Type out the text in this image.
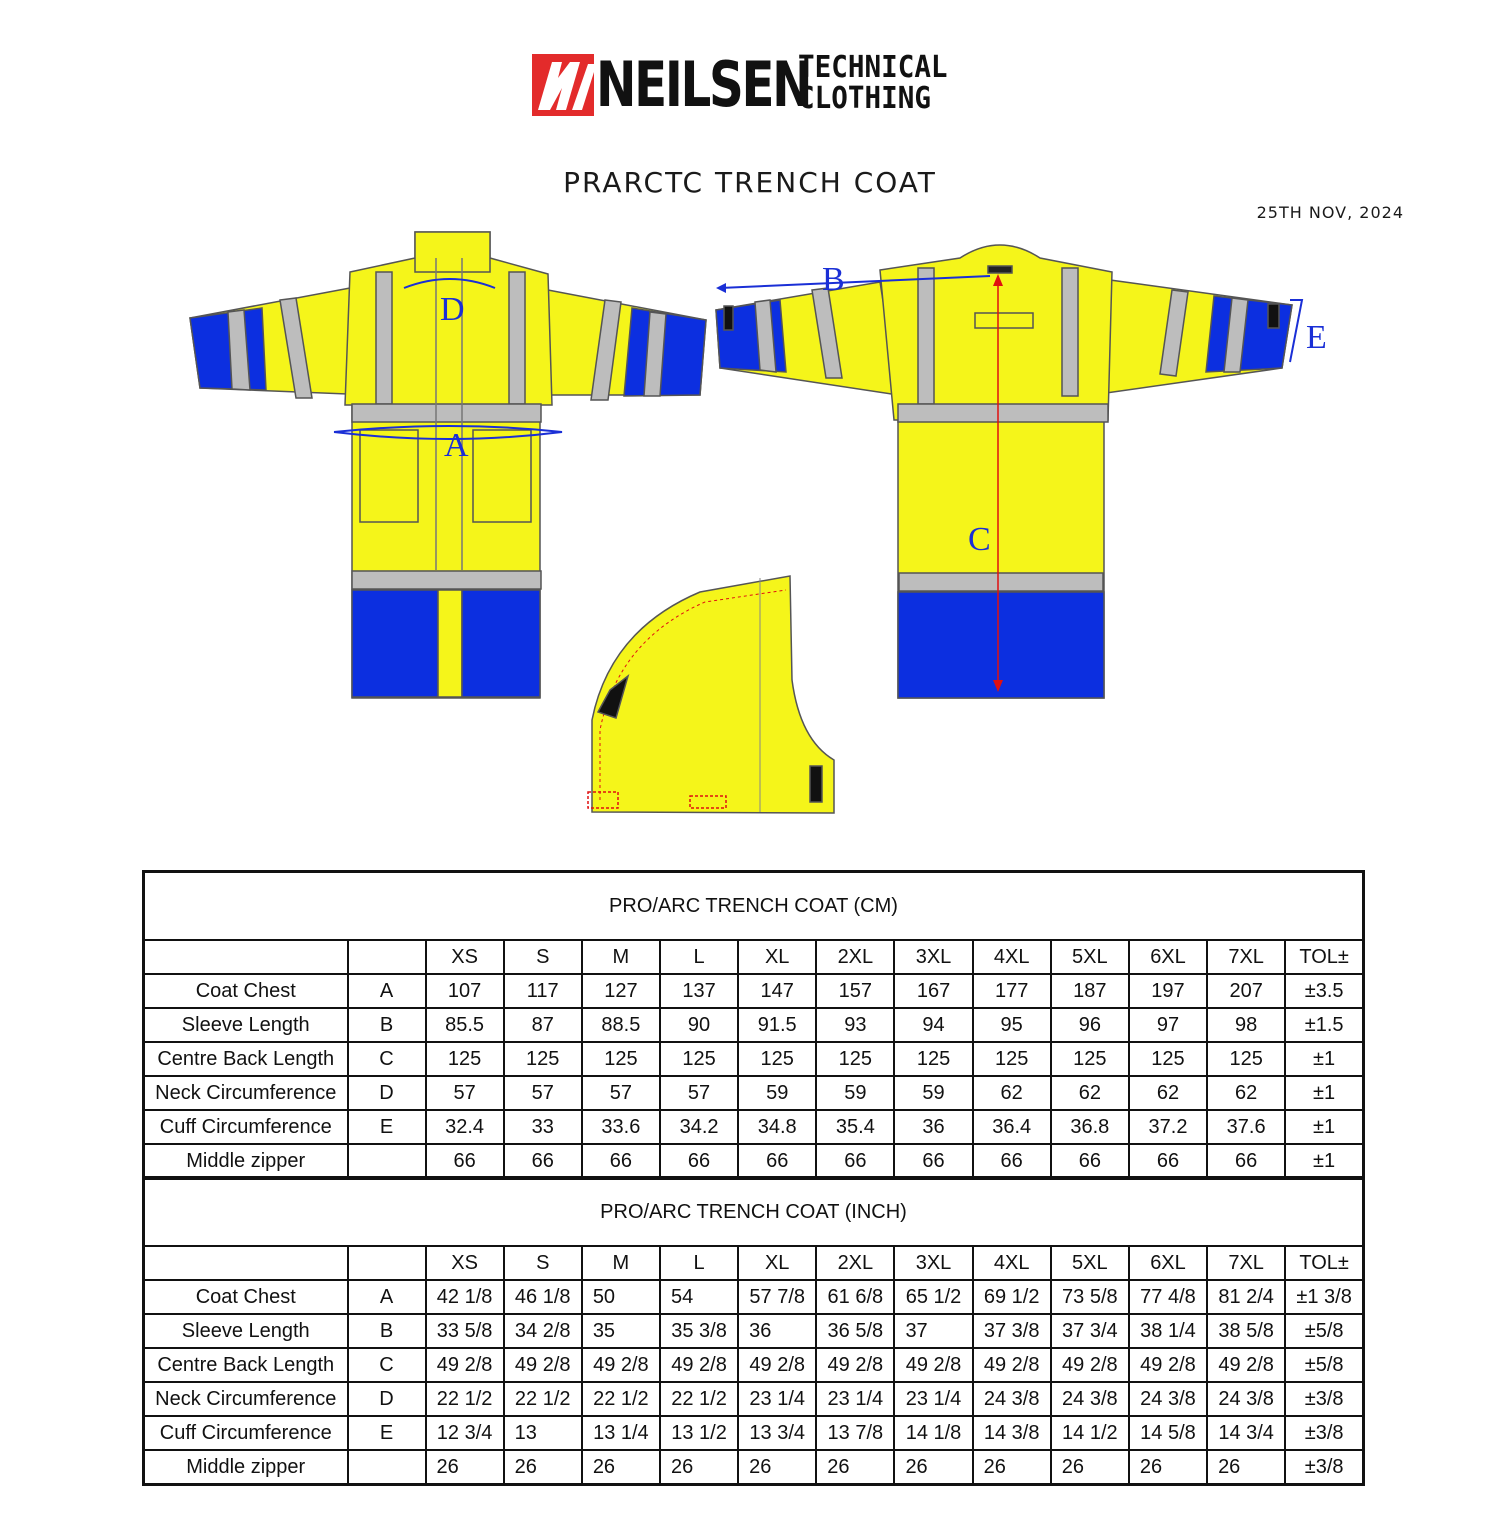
NEILSEN
TECHNICAL
CLOTHING
PRARCTC TRENCH COAT
25TH NOV, 2024
D
A
B
C
E
PRO/ARC TRENCH COAT (CM)													
		XS	S	M	L	XL	2XL	3XL	4XL	5XL	6XL	7XL	TOL±
Coat Chest	A	107	117	127	137	147	157	167	177	187	197	207	±3.5
Sleeve Length	B	85.5	87	88.5	90	91.5	93	94	95	96	97	98	±1.5
Centre Back Length	C	125	125	125	125	125	125	125	125	125	125	125	±1
Neck Circumference	D	57	57	57	57	59	59	59	62	62	62	62	±1
Cuff Circumference	E	32.4	33	33.6	34.2	34.8	35.4	36	36.4	36.8	37.2	37.6	±1
Middle zipper		66	66	66	66	66	66	66	66	66	66	66	±1
PRO/ARC TRENCH COAT (INCH)													
		XS	S	M	L	XL	2XL	3XL	4XL	5XL	6XL	7XL	TOL±
Coat Chest	A	42 1/8	46 1/8	50	54	57 7/8	61 6/8	65 1/2	69 1/2	73 5/8	77 4/8	81 2/4	±1 3/8
Sleeve Length	B	33 5/8	34 2/8	35	35 3/8	36	36 5/8	37	37 3/8	37 3/4	38 1/4	38 5/8	±5/8
Centre Back Length	C	49 2/8	49 2/8	49 2/8	49 2/8	49 2/8	49 2/8	49 2/8	49 2/8	49 2/8	49 2/8	49 2/8	±5/8
Neck Circumference	D	22 1/2	22 1/2	22 1/2	22 1/2	23 1/4	23 1/4	23 1/4	24 3/8	24 3/8	24 3/8	24 3/8	±3/8
Cuff Circumference	E	12 3/4	13	13 1/4	13 1/2	13 3/4	13 7/8	14 1/8	14 3/8	14 1/2	14 5/8	14 3/4	±3/8
Middle zipper		26	26	26	26	26	26	26	26	26	26	26	±3/8
